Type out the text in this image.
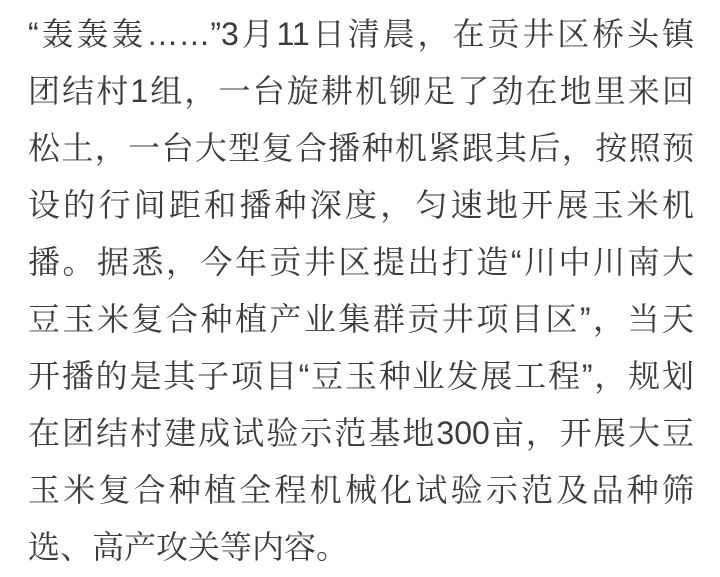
“轰轰轰……”3月11日清晨，在贡井区桥头镇
团结村1组，一台旋耕机铆足了劲在地里来回
松土，一台大型复合播种机紧跟其后，按照预
设的行间距和播种深度，匀速地开展玉米机
播。据悉，今年贡井区提出打造“川中川南大
豆玉米复合种植产业集群贡井项目区”，当天
开播的是其子项目“豆玉种业发展工程”，规划
在团结村建成试验示范基地300亩，开展大豆
玉米复合种植全程机械化试验示范及品种筛
选、高产攻关等内容。
